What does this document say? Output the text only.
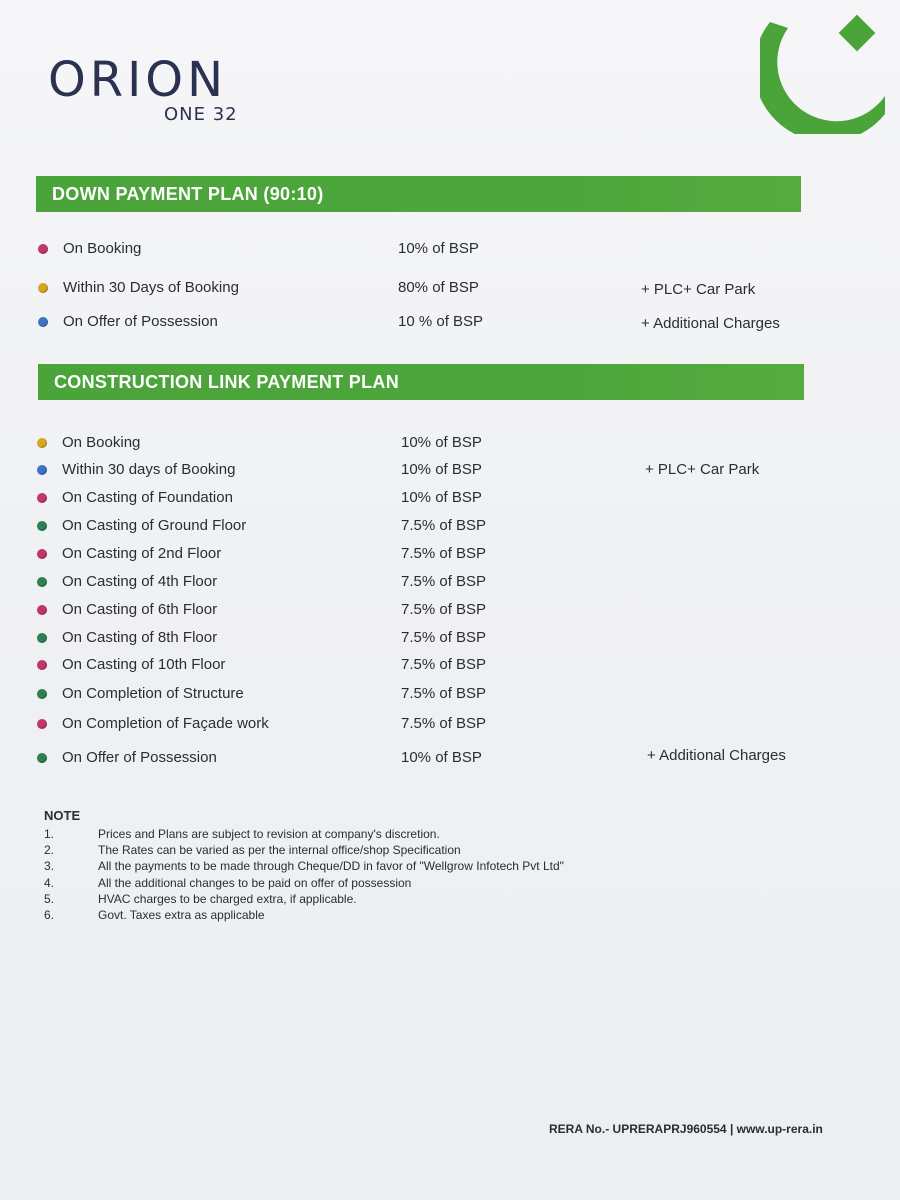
ORION
ONE 32
DOWN PAYMENT PLAN (90:10)
On Booking	10% of BSP
Within 30 Days of Booking	80% of BSP	+ PLC+ Car Park
On Offer of Possession	10 % of BSP	+ Additional Charges
CONSTRUCTION LINK PAYMENT PLAN
On Booking	10% of BSP
Within 30 days of Booking	10% of BSP	+ PLC+ Car Park
On Casting of Foundation	10% of BSP
On Casting of Ground Floor	7.5% of BSP
On Casting of 2nd Floor	7.5% of BSP
On Casting of 4th Floor	7.5% of BSP
On Casting of 6th Floor	7.5% of BSP
On Casting of 8th Floor	7.5% of BSP
On Casting of 10th Floor	7.5% of BSP
On Completion of Structure	7.5% of BSP
On Completion of Façade work	7.5% of BSP
On Offer of Possession	10% of BSP	+ Additional Charges
NOTE
1.	Prices and Plans are subject to revision at company's discretion.
2.	The Rates can be varied as per the internal office/shop Specification
3.	All the payments to be made through Cheque/DD in favor of "Wellgrow Infotech Pvt Ltd"
4.	All the additional changes to be paid on offer of possession
5.	HVAC charges to be charged extra, if applicable.
6.	Govt. Taxes extra as applicable
RERA No.- UPRERAPRJ960554 | www.up-rera.in
